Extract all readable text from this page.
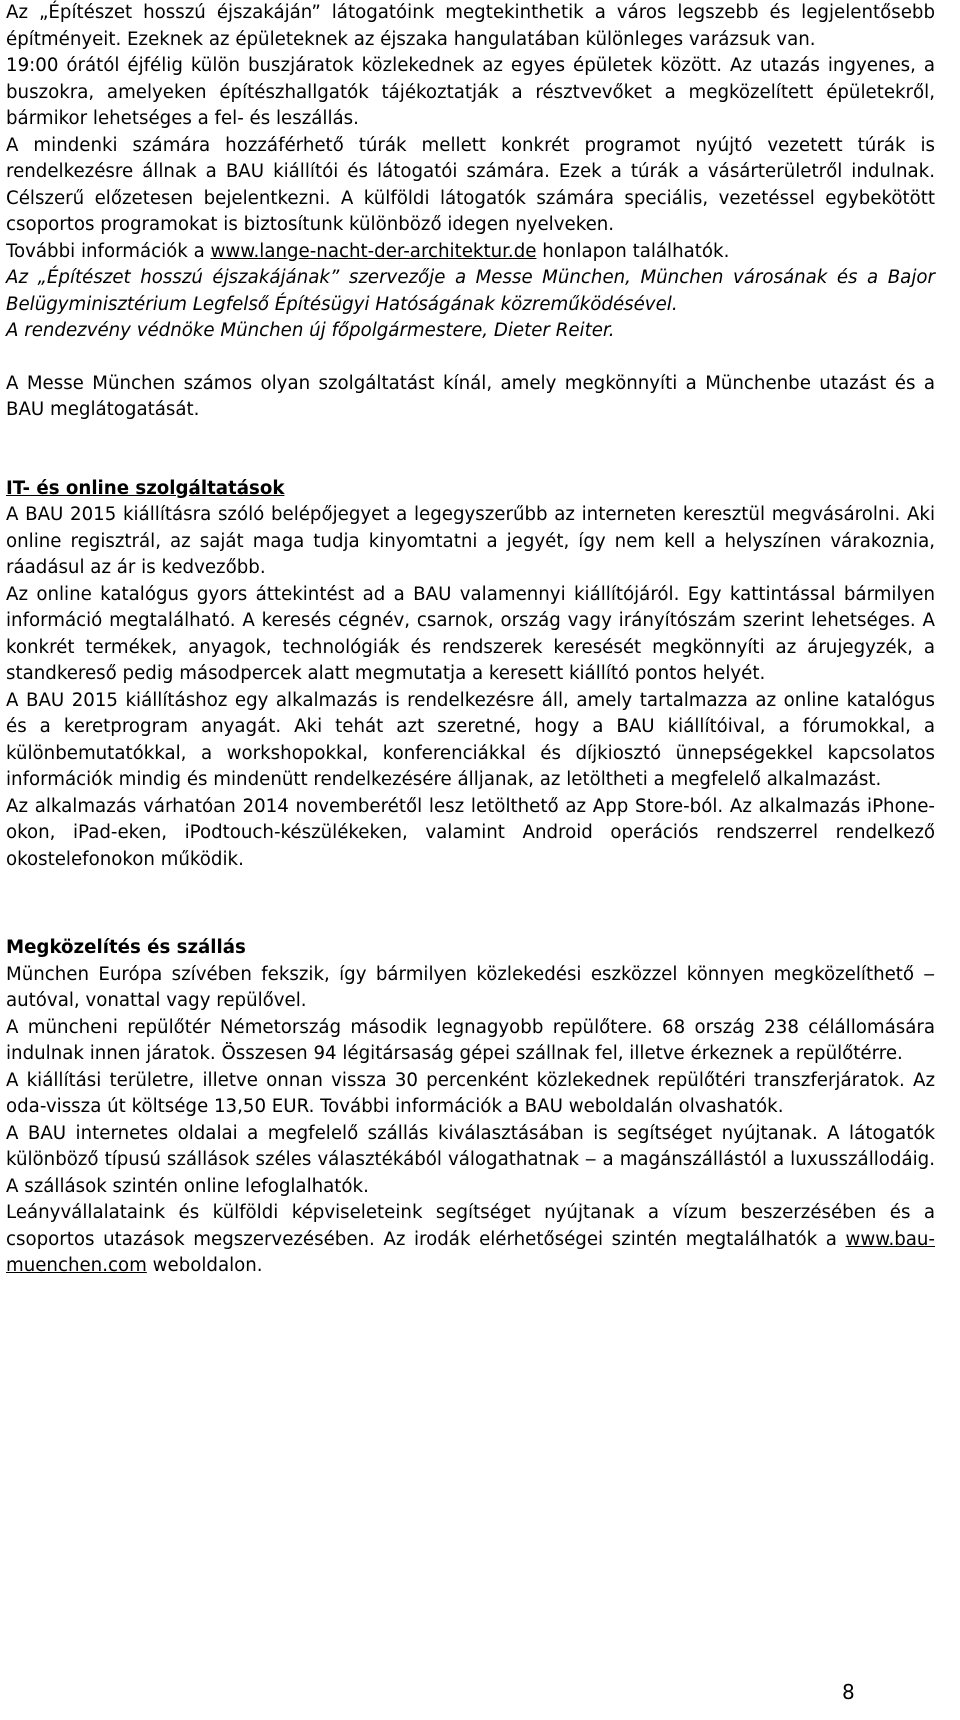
Az „Építészet hosszú éjszakáján” látogatóink megtekinthetik a város legszebb és legjelentősebb építményeit. Ezeknek az épületeknek az éjszaka hangulatában különleges varázsuk van.

19:00 órától éjfélig külön buszjáratok közlekednek az egyes épületek között. Az utazás ingyenes, a buszokra, amelyeken építészhallgatók tájékoztatják a résztvevőket a megközelített épületekről, bármikor lehetséges a fel- és leszállás.

A mindenki számára hozzáférhető túrák mellett konkrét programot nyújtó vezetett túrák is rendelkezésre állnak a BAU kiállítói és látogatói számára. Ezek a túrák a vásárterületről indulnak. Célszerű előzetesen bejelentkezni. A külföldi látogatók számára speciális, vezetéssel egybekötött csoportos programokat is biztosítunk különböző idegen nyelveken.

További információk a www.lange-nacht-der-architektur.de honlapon találhatók.

Az „Építészet hosszú éjszakájának” szervezője a Messe München, München városának és a Bajor Belügyminisztérium Legfelső Építésügyi Hatóságának közreműködésével.

A rendezvény védnöke München új főpolgármestere, Dieter Reiter.

A Messe München számos olyan szolgáltatást kínál, amely megkönnyíti a Münchenbe utazást és a BAU meglátogatását.

IT- és online szolgáltatások

A BAU 2015 kiállításra szóló belépőjegyet a legegyszerűbb az interneten keresztül megvásárolni. Aki online regisztrál, az saját maga tudja kinyomtatni a jegyét, így nem kell a helyszínen várakoznia, ráadásul az ár is kedvezőbb.

Az online katalógus gyors áttekintést ad a BAU valamennyi kiállítójáról. Egy kattintással bármilyen információ megtalálható. A keresés cégnév, csarnok, ország vagy irányítószám szerint lehetséges. A konkrét termékek, anyagok, technológiák és rendszerek keresését megkönnyíti az árujegyzék, a standkereső pedig másodpercek alatt megmutatja a keresett kiállító pontos helyét.

A BAU 2015 kiállításhoz egy alkalmazás is rendelkezésre áll, amely tartalmazza az online katalógus és a keretprogram anyagát. Aki tehát azt szeretné, hogy a BAU kiállítóival, a fórumokkal, a különbemutatókkal, a workshopokkal, konferenciákkal és díjkiosztó ünnepségekkel kapcsolatos információk mindig és mindenütt rendelkezésére álljanak, az letöltheti a megfelelő alkalmazást.

Az alkalmazás várhatóan 2014 novemberétől lesz letölthető az App Store-ból. Az alkalmazás iPhone-okon, iPad-eken, iPodtouch-készülékeken, valamint Android operációs rendszerrel rendelkező okostelefonokon működik.

Megközelítés és szállás

München Európa szívében fekszik, így bármilyen közlekedési eszközzel könnyen megközelíthető ‒ autóval, vonattal vagy repülővel.

A müncheni repülőtér Németország második legnagyobb repülőtere. 68 ország 238 célállomására indulnak innen járatok. Összesen 94 légitársaság gépei szállnak fel, illetve érkeznek a repülőtérre.

A kiállítási területre, illetve onnan vissza 30 percenként közlekednek repülőtéri transzferjáratok. Az oda-vissza út költsége 13,50 EUR. További információk a BAU weboldalán olvashatók.

A BAU internetes oldalai a megfelelő szállás kiválasztásában is segítséget nyújtanak. A látogatók különböző típusú szállások széles választékából válogathatnak ‒ a magánszállástól a luxusszállodáig. A szállások szintén online lefoglalhatók.

Leányvállalataink és külföldi képviseleteink segítséget nyújtanak a vízum beszerzésében és a csoportos utazások megszervezésében. Az irodák elérhetőségei szintén megtalálhatók a www.bau-muenchen.com weboldalon.

8
